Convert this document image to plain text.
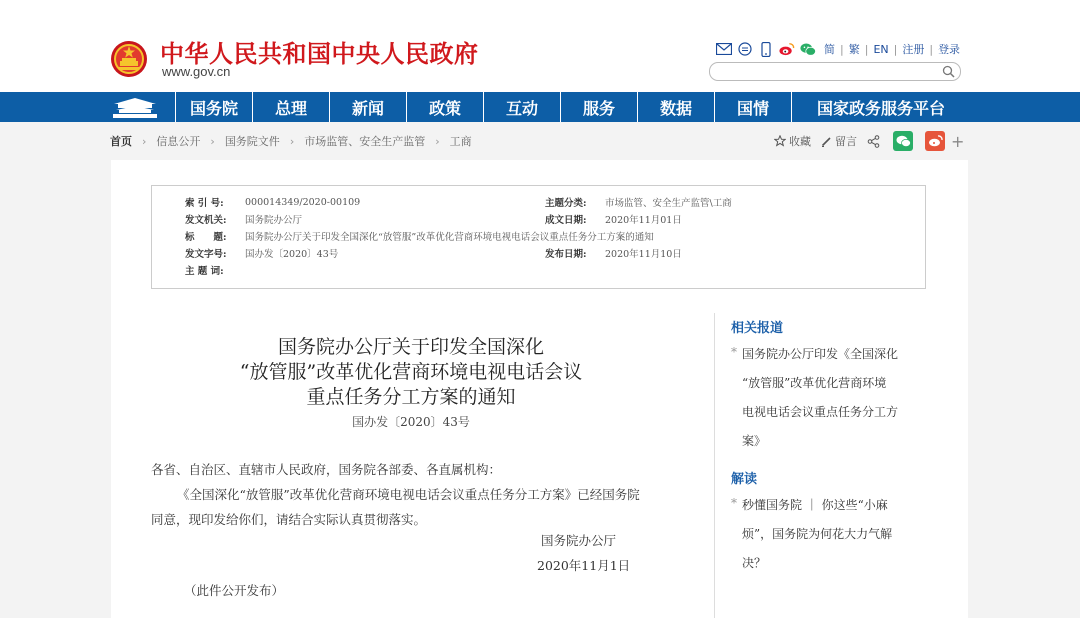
中华人民共和国中央人民政府
www.gov.cn
简 | 繁 | EN | 注册 | 登录
国务院	总理	新闻	政策	互动	服务	数据	国情	国家政务服务平台
首页 › 信息公开 › 国务院文件 › 市场监管、安全生产监管 › 工商	收藏 留言	+
索 引 号:	000014349/2020-00109	主题分类:	市场监管、安全生产监管\工商
发文机关:	国务院办公厅	成文日期:	2020年11月01日
标　　题:	国务院办公厅关于印发全国深化“放管服”改革优化营商环境电视电话会议重点任务分工方案的通知
发文字号:	国办发〔2020〕43号	发布日期:	2020年11月10日
主 题 词:
国务院办公厅关于印发全国深化
“放管服”改革优化营商环境电视电话会议
重点任务分工方案的通知
国办发〔2020〕43号

各省、自治区、直辖市人民政府，国务院各部委、各直属机构：

《全国深化“放管服”改革优化营商环境电视电话会议重点任务分工方案》已经国务院

同意，现印发给你们，请结合实际认真贯彻落实。

国务院办公厅
2020年11月1日
（此件公开发布）
相关报道
* 国务院办公厅印发《全国深化
“放管服”改革优化营商环境
电视电话会议重点任务分工方
案》
解读
* 秒懂国务院 ｜ 你这些“小麻
烦”，国务院为何花大力气解
决？
